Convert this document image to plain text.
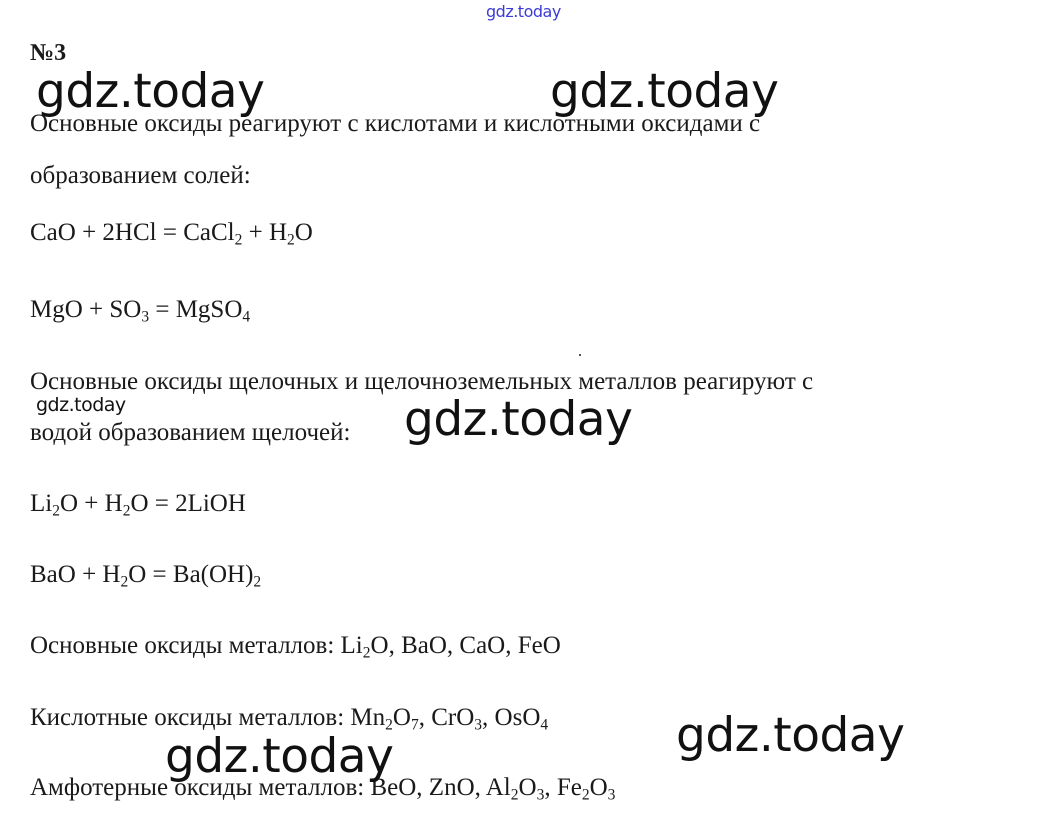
№3
Основные оксиды реагируют с кислотами и кислотными оксидами с
образованием солей:
CaO + 2HCl = CaCl$_2$ + $H_2O$
MgO + $SO_3$ = MgSO$_4$
Основные оксиды щелочных и щелочноземельных металлов реагируют с
водой образованием щелочей:
$Li_2O + H_2O$ = 2LiOH
BaO + $H_2O = Ba(OH)_2$
Основные оксиды металлов: $Li_2O$, BaO, CaO, FeO
Кислотные оксиды металлов: $Mn_2O_7$, CrO$_3$, OsO$_4$
Амфотерные оксиды металлов: BeO, ZnO, $Al_2O_3$, $Fe_2O_3$
gdz.today
gdz.today	gdz.today
gdz.today	gdz.today
gdz.today
gdz.today
